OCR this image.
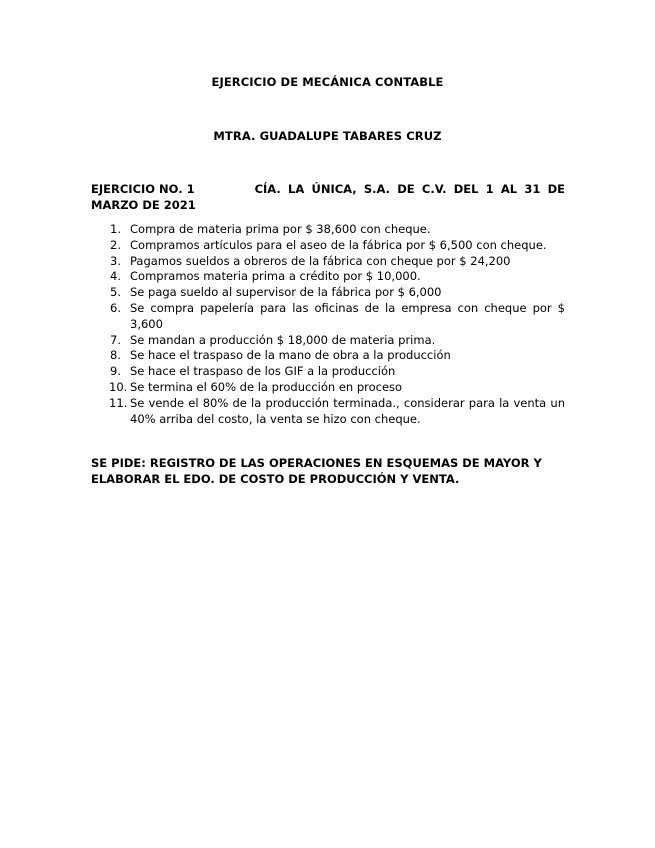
EJERCICIO DE MECÁNICA CONTABLE
MTRA. GUADALUPE TABARES CRUZ
EJERCICIO NO. 1	CÍA. LA ÚNICA, S.A. DE C.V. DEL 1 AL 31 DE
MARZO DE 2021
1. Compra de materia prima por $ 38,600 con cheque.
2. Compramos artículos para el aseo de la fábrica por $ 6,500 con cheque.
3. Pagamos sueldos a obreros de la fábrica con cheque por $ 24,200
4. Compramos materia prima a crédito por $ 10,000.
5. Se paga sueldo al supervisor de la fábrica por $ 6,000
6. Se compra papelería para las oficinas de la empresa con cheque por $ 3,600
7. Se mandan a producción $ 18,000 de materia prima.
8. Se hace el traspaso de la mano de obra a la producción
9. Se hace el traspaso de los GIF a la producción
10. Se termina el 60% de la producción en proceso
11. Se vende el 80% de la producción terminada., considerar para la venta un 40% arriba del costo, la venta se hizo con cheque.
SE PIDE: REGISTRO DE LAS OPERACIONES EN ESQUEMAS DE MAYOR Y
ELABORAR EL EDO. DE COSTO DE PRODUCCIÓN Y VENTA.
